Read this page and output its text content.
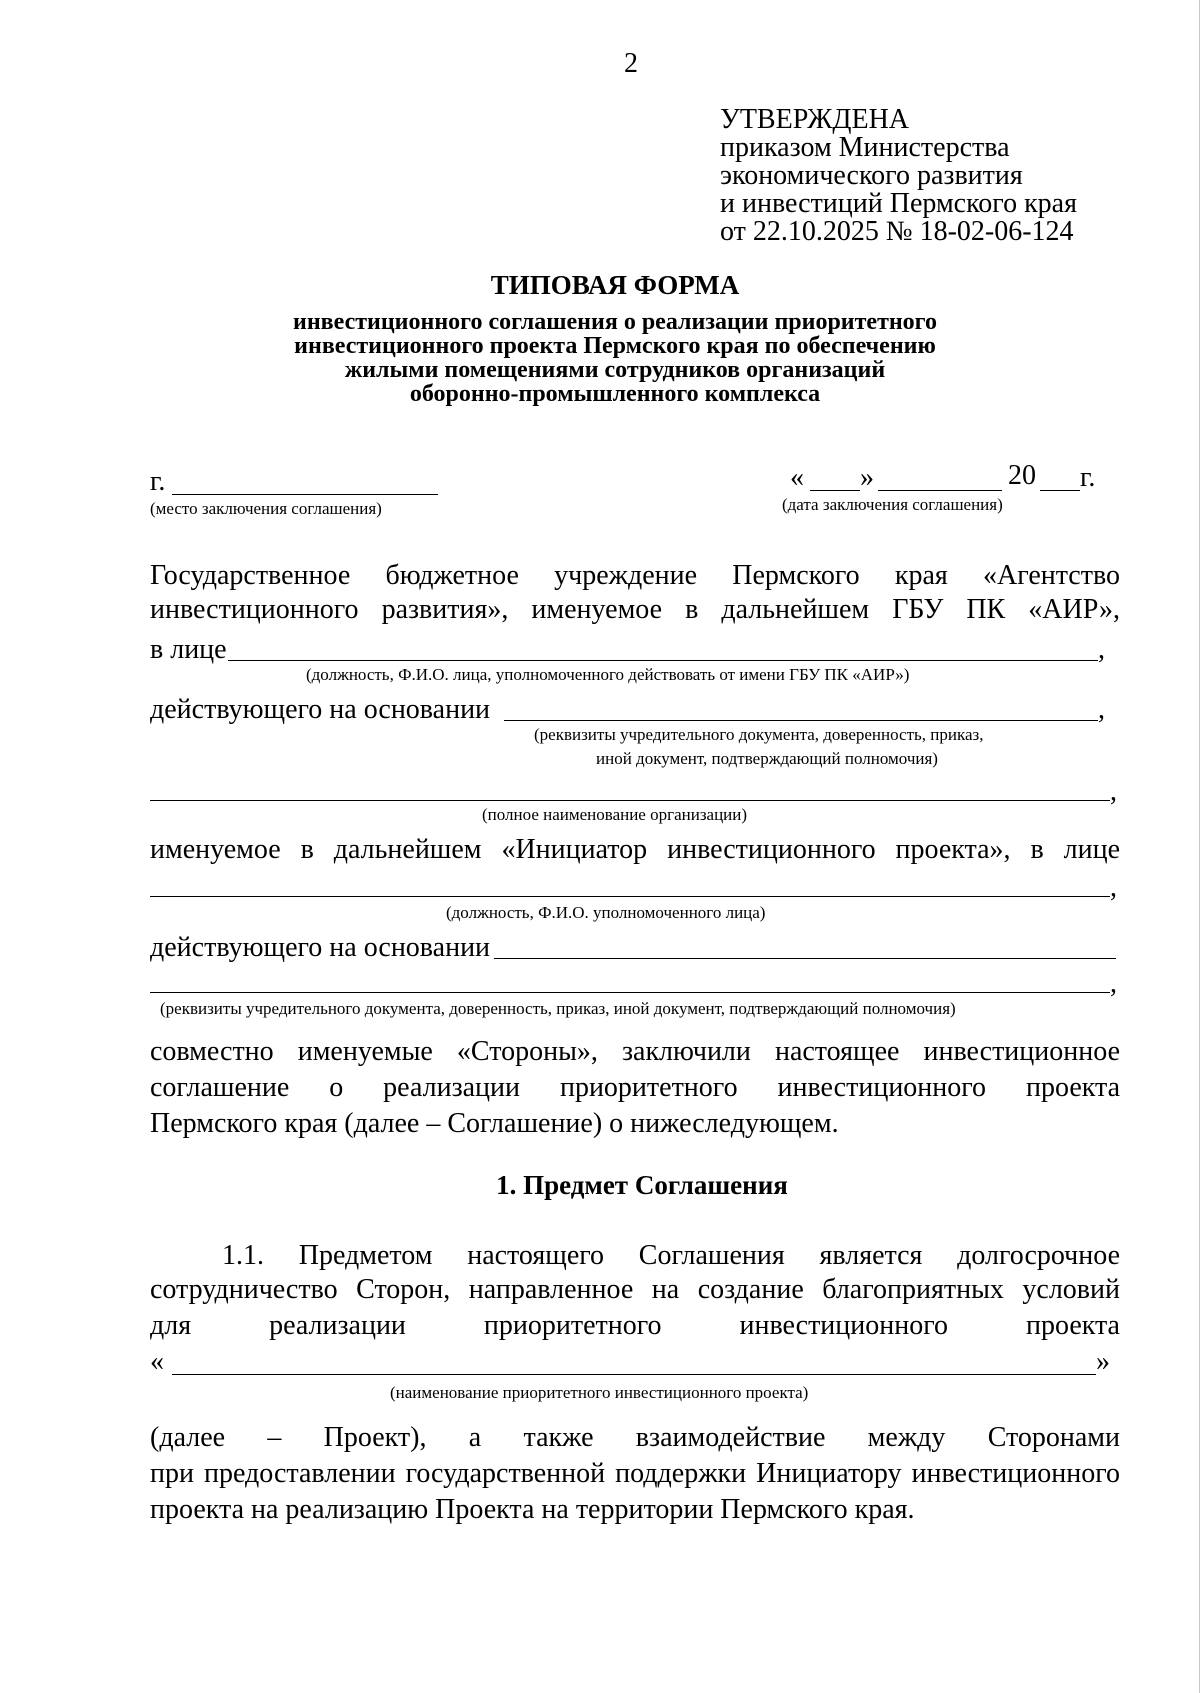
2
УТВЕРЖДЕНА
приказом Министерства
экономического развития
и инвестиций Пермского края
от 22.10.2025 № 18-02-06-124
ТИПОВАЯ ФОРМА
инвестиционного соглашения о реализации приоритетного
инвестиционного проекта Пермского края по обеспечению
жилыми помещениями сотрудников организаций
оборонно-промышленного комплекса
г.
(место заключения соглашения)
« »	20 г.
(дата заключения соглашения)
Государственное бюджетное учреждение Пермского края «Агентство
инвестиционного развития», именуемое в дальнейшем ГБУ ПК «АИР»,
в лице	,
(должность, Ф.И.О. лица, уполномоченного действовать от имени ГБУ ПК «АИР»)
действующего на основании	,
(реквизиты учредительного документа, доверенность, приказ,
иной документ, подтверждающий полномочия)
,
(полное наименование организации)
именуемое в дальнейшем «Инициатор инвестиционного проекта», в лице
,
(должность, Ф.И.О. уполномоченного лица)
действующего на основании
,
(реквизиты учредительного документа, доверенность, приказ, иной документ, подтверждающий полномочия)
совместно именуемые «Стороны», заключили настоящее инвестиционное
соглашение о реализации приоритетного инвестиционного проекта
Пермского края (далее – Соглашение) о нижеследующем.
1. Предмет Соглашения
1.1. Предметом настоящего Соглашения является долгосрочное
сотрудничество Сторон, направленное на создание благоприятных условий
для реализации приоритетного инвестиционного проекта
«	»
(наименование приоритетного инвестиционного проекта)
(далее – Проект), а также взаимодействие между Сторонами
при предоставлении государственной поддержки Инициатору инвестиционного
проекта на реализацию Проекта на территории Пермского края.
